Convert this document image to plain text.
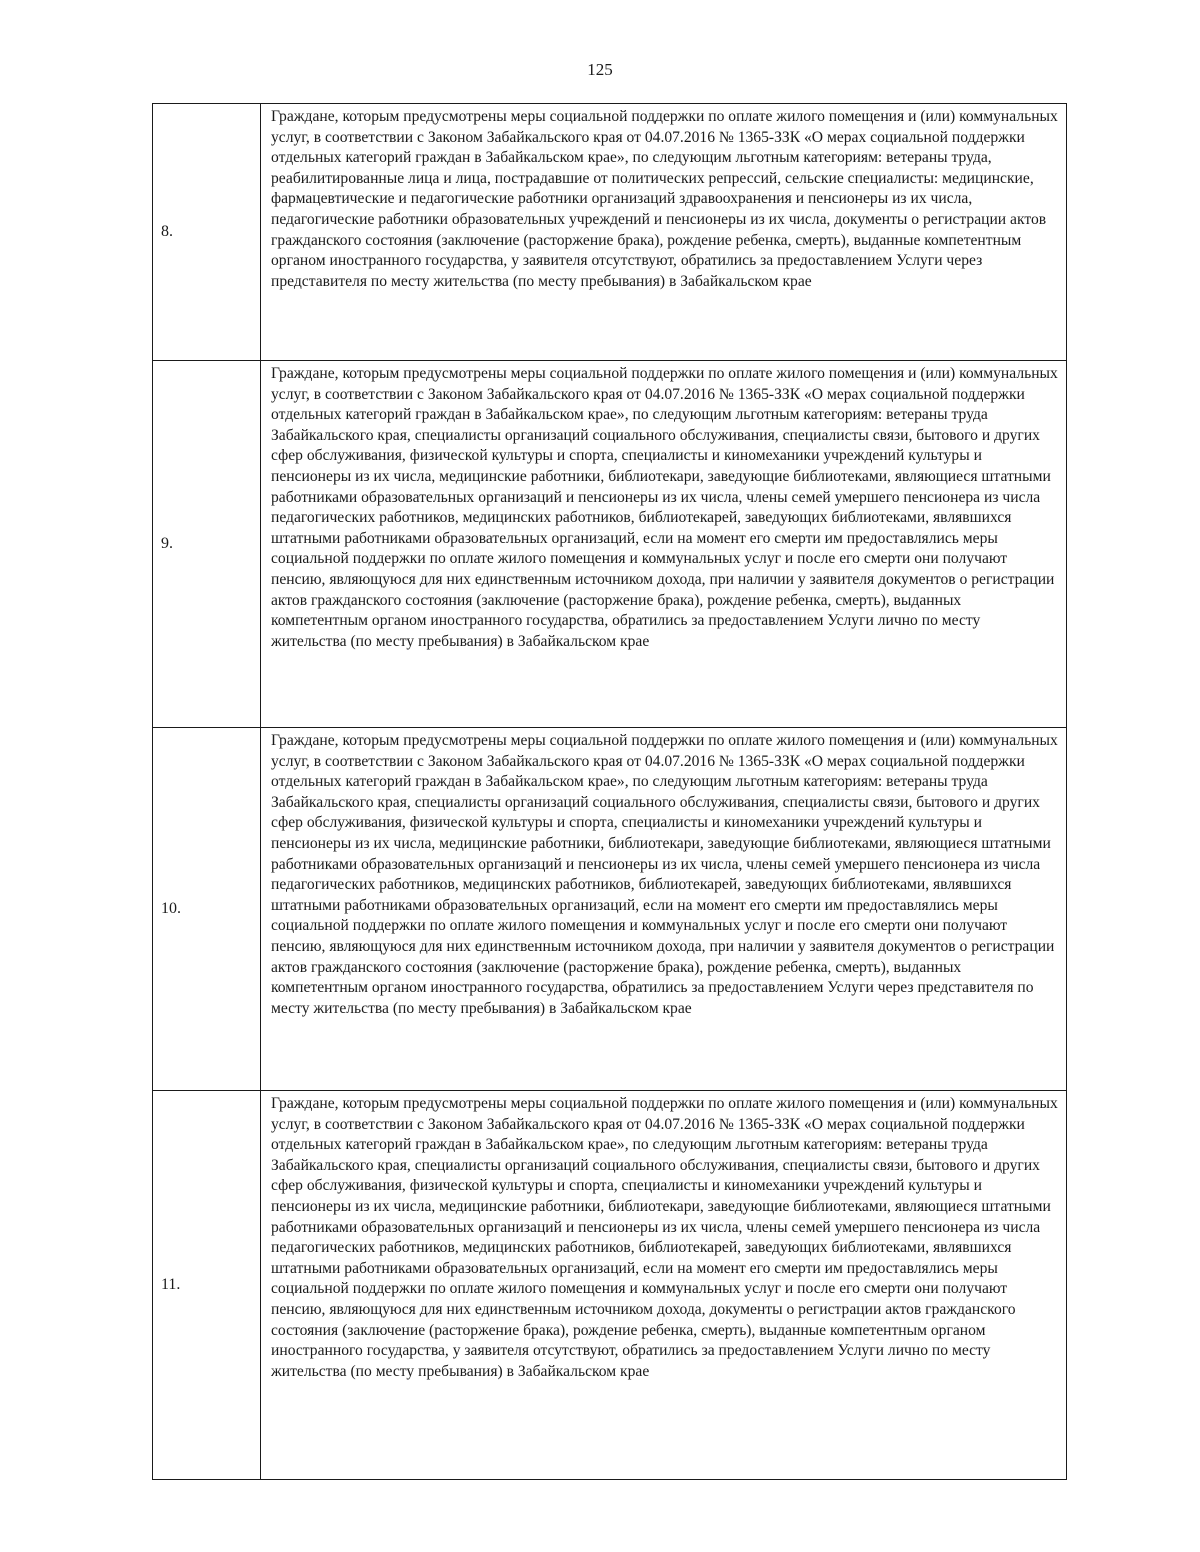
125
8.	Граждане, которым предусмотрены меры социальной поддержки по оплате жилого помещения и (или) коммунальных услуг, в соответствии с Законом Забайкальского края от 04.07.2016 № 1365-ЗЗК «О мерах социальной поддержки отдельных категорий граждан в Забайкальском крае», по следующим льготным категориям: ветераны труда, реабилитированные лица и лица, пострадавшие от политических репрессий, сельские специалисты: медицинские, фармацевтические и педагогические работники организаций здравоохранения и пенсионеры из их числа, педагогические работники образовательных учреждений и пенсионеры из их числа, документы о регистрации актов гражданского состояния (заключение (расторжение брака), рождение ребенка, смерть), выданные компетентным органом иностранного государства, у заявителя отсутствуют, обратились за предоставлением Услуги через представителя по месту жительства (по месту пребывания) в Забайкальском крае
9.	Граждане, которым предусмотрены меры социальной поддержки по оплате жилого помещения и (или) коммунальных услуг, в соответствии с Законом Забайкальского края от 04.07.2016 № 1365-ЗЗК «О мерах социальной поддержки отдельных категорий граждан в Забайкальском крае», по следующим льготным категориям: ветераны труда Забайкальского края, специалисты организаций социального обслуживания, специалисты связи, бытового и других сфер обслуживания, физической культуры и спорта, специалисты и киномеханики учреждений культуры и пенсионеры из их числа, медицинские работники, библиотекари, заведующие библиотеками, являющиеся штатными работниками образовательных организаций и пенсионеры из их числа, члены семей умершего пенсионера из числа педагогических работников, медицинских работников, библиотекарей, заведующих библиотеками, являвшихся штатными работниками образовательных организаций, если на момент его смерти им предоставлялись меры социальной поддержки по оплате жилого помещения и коммунальных услуг и после его смерти они получают пенсию, являющуюся для них единственным источником дохода, при наличии у заявителя документов о регистрации актов гражданского состояния (заключение (расторжение брака), рождение ребенка, смерть), выданных компетентным органом иностранного государства, обратились за предоставлением Услуги лично по месту жительства (по месту пребывания) в Забайкальском крае
10.	Граждане, которым предусмотрены меры социальной поддержки по оплате жилого помещения и (или) коммунальных услуг, в соответствии с Законом Забайкальского края от 04.07.2016 № 1365-ЗЗК «О мерах социальной поддержки отдельных категорий граждан в Забайкальском крае», по следующим льготным категориям: ветераны труда Забайкальского края, специалисты организаций социального обслуживания, специалисты связи, бытового и других сфер обслуживания, физической культуры и спорта, специалисты и киномеханики учреждений культуры и пенсионеры из их числа, медицинские работники, библиотекари, заведующие библиотеками, являющиеся штатными работниками образовательных организаций и пенсионеры из их числа, члены семей умершего пенсионера из числа педагогических работников, медицинских работников, библиотекарей, заведующих библиотеками, являвшихся штатными работниками образовательных организаций, если на момент его смерти им предоставлялись меры социальной поддержки по оплате жилого помещения и коммунальных услуг и после его смерти они получают пенсию, являющуюся для них единственным источником дохода, при наличии у заявителя документов о регистрации актов гражданского состояния (заключение (расторжение брака), рождение ребенка, смерть), выданных компетентным органом иностранного государства, обратились за предоставлением Услуги через представителя по месту жительства (по месту пребывания) в Забайкальском крае
11.	Граждане, которым предусмотрены меры социальной поддержки по оплате жилого помещения и (или) коммунальных услуг, в соответствии с Законом Забайкальского края от 04.07.2016 № 1365-ЗЗК «О мерах социальной поддержки отдельных категорий граждан в Забайкальском крае», по следующим льготным категориям: ветераны труда Забайкальского края, специалисты организаций социального обслуживания, специалисты связи, бытового и других сфер обслуживания, физической культуры и спорта, специалисты и киномеханики учреждений культуры и пенсионеры из их числа, медицинские работники, библиотекари, заведующие библиотеками, являющиеся штатными работниками образовательных организаций и пенсионеры из их числа, члены семей умершего пенсионера из числа педагогических работников, медицинских работников, библиотекарей, заведующих библиотеками, являвшихся штатными работниками образовательных организаций, если на момент его смерти им предоставлялись меры социальной поддержки по оплате жилого помещения и коммунальных услуг и после его смерти они получают пенсию, являющуюся для них единственным источником дохода, документы о регистрации актов гражданского состояния (заключение (расторжение брака), рождение ребенка, смерть), выданные компетентным органом иностранного государства, у заявителя отсутствуют, обратились за предоставлением Услуги лично по месту жительства (по месту пребывания) в Забайкальском крае
